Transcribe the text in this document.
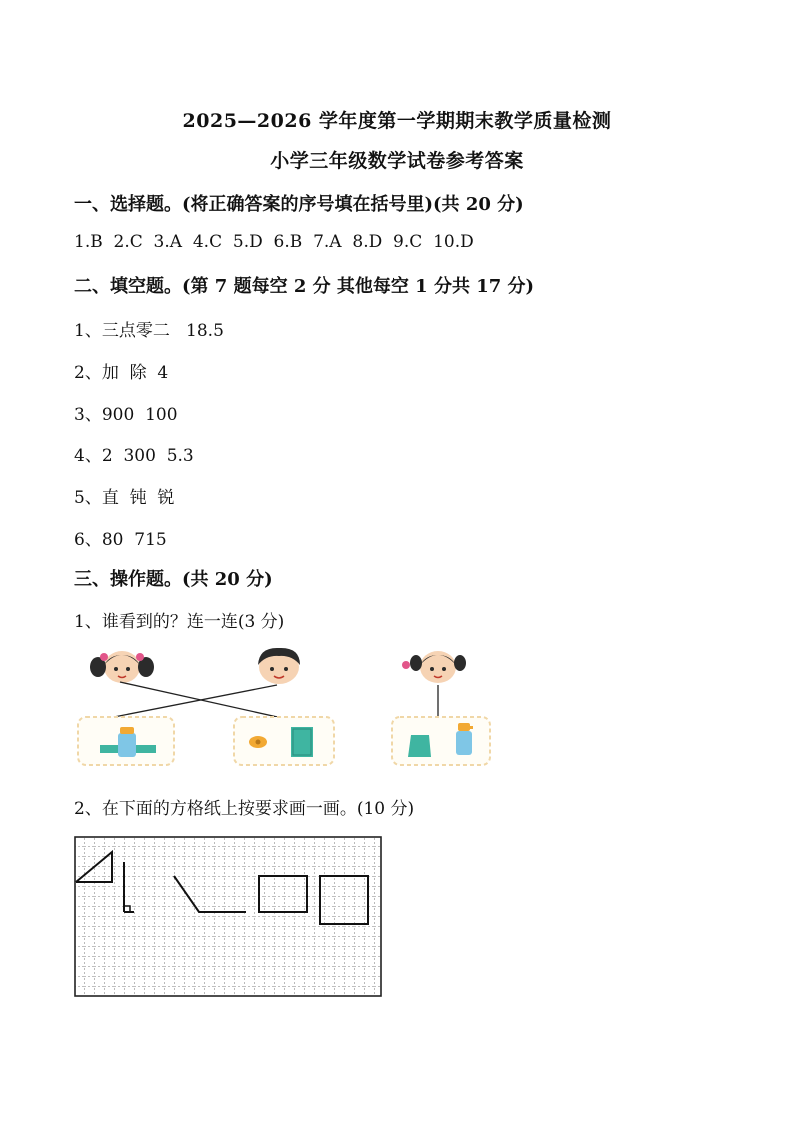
2025—2026 学年度第一学期期末教学质量检测
小学三年级数学试卷参考答案
一、选择题。(将正确答案的序号填在括号里)(共 20 分)
1.B  2.C  3.A  4.C  5.D  6.B  7.A  8.D  9.C  10.D
二、填空题。(第 7 题每空 2 分 其他每空 1 分共 17 分)
1、三点零二   18.5
2、加  除  4
3、900  100
4、2  300  5.3
5、直  钝  锐
6、80  715
三、操作题。(共 20 分)
1、谁看到的？连一连(3 分)
2、在下面的方格纸上按要求画一画。(10 分)
